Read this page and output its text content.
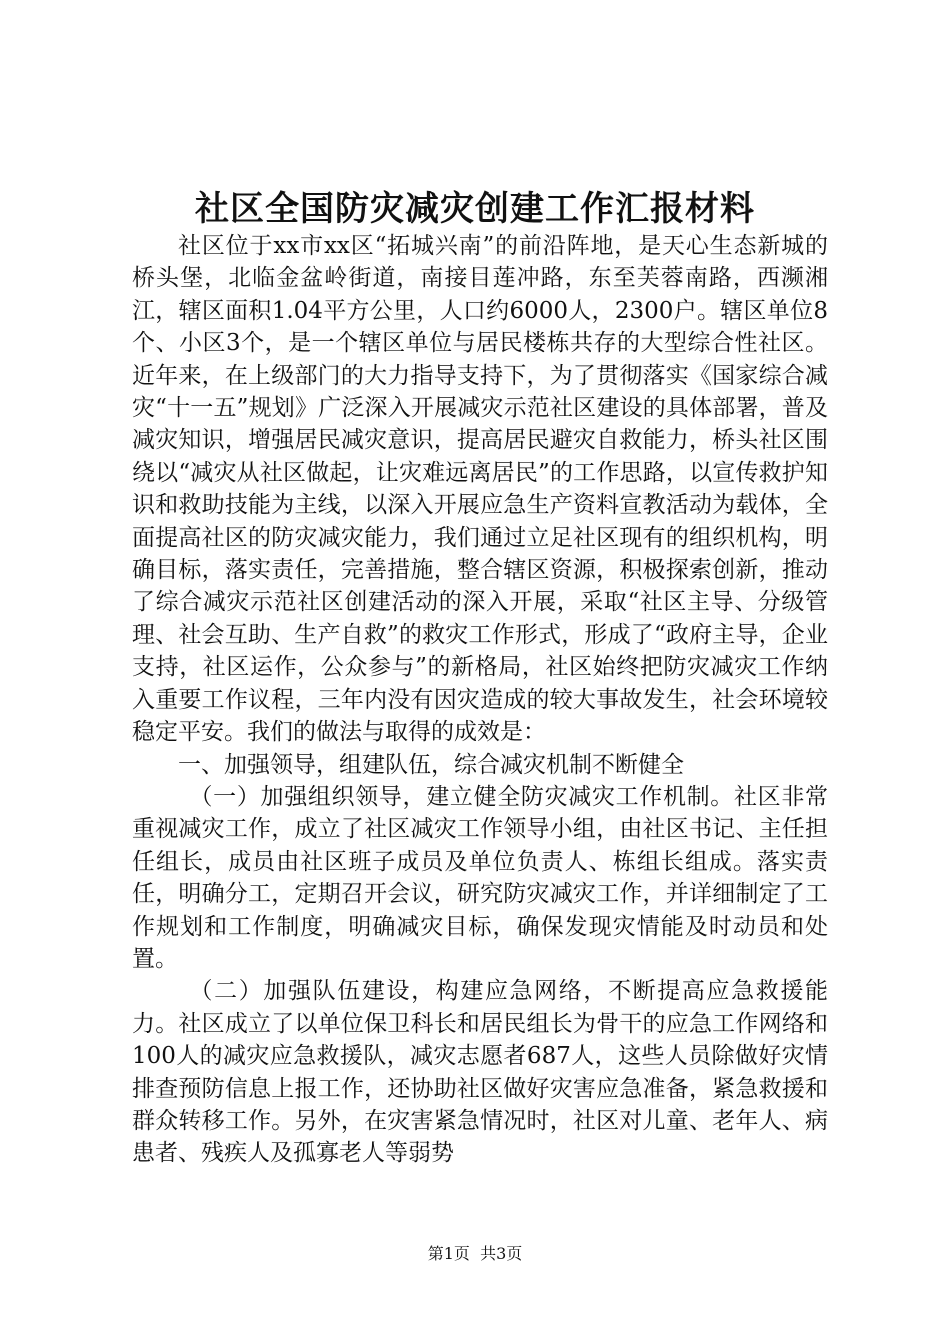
社区全国防灾减灾创建工作汇报材料

社区位于xx市xx区“拓城兴南”的前沿阵地，是天心生态新城的桥头堡，北临金盆岭街道，南接目莲冲路，东至芙蓉南路，西濒湘江，辖区面积1.04平方公里，人口约6000人，2300户。辖区单位8个、小区3个，是一个辖区单位与居民楼栋共存的大型综合性社区。近年来，在上级部门的大力指导支持下，为了贯彻落实《国家综合减灾“十一五”规划》广泛深入开展减灾示范社区建设的具体部署，普及减灾知识，增强居民减灾意识，提高居民避灾自救能力，桥头社区围绕以“减灾从社区做起，让灾难远离居民”的工作思路，以宣传救护知识和救助技能为主线，以深入开展应急生产资料宣教活动为载体，全面提高社区的防灾减灾能力，我们通过立足社区现有的组织机构，明确目标，落实责任，完善措施，整合辖区资源，积极探索创新，推动了综合减灾示范社区创建活动的深入开展，采取“社区主导、分级管理、社会互助、生产自救”的救灾工作形式，形成了“政府主导，企业支持，社区运作，公众参与”的新格局，社区始终把防灾减灾工作纳入重要工作议程，三年内没有因灾造成的较大事故发生，社会环境较稳定平安。我们的做法与取得的成效是：

一、加强领导，组建队伍，综合减灾机制不断健全

（一）加强组织领导，建立健全防灾减灾工作机制。社区非常重视减灾工作，成立了社区减灾工作领导小组，由社区书记、主任担任组长，成员由社区班子成员及单位负责人、栋组长组成。落实责任，明确分工，定期召开会议，研究防灾减灾工作，并详细制定了工作规划和工作制度，明确减灾目标，确保发现灾情能及时动员和处置。

（二）加强队伍建设，构建应急网络，不断提高应急救援能力。社区成立了以单位保卫科长和居民组长为骨干的应急工作网络和100人的减灾应急救援队，减灾志愿者687人，这些人员除做好灾情排查预防信息上报工作，还协助社区做好灾害应急准备，紧急救援和群众转移工作。另外，在灾害紧急情况时，社区对儿童、老年人、病患者、残疾人及孤寡老人等弱势

第1页  共3页
